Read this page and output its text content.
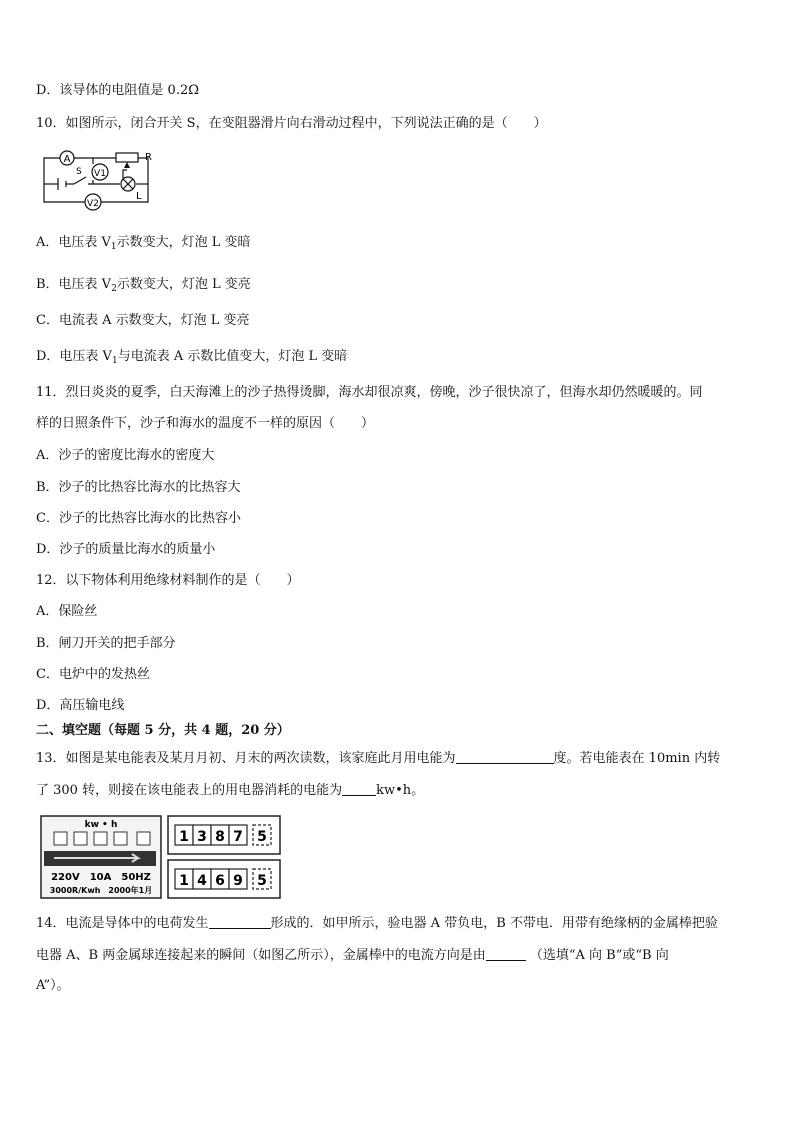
D．该导体的电阻值是 0.2Ω
10．如图所示，闭合开关 S，在变阻器滑片向右滑动过程中，下列说法正确的是（　　）
A
V1
V2
R
S
L
A．电压表 $V_1$示数变大，灯泡 L 变暗
B．电压表 $V_2$示数变大，灯泡 L 变亮
C．电流表 A 示数变大，灯泡 L 变亮
D．电压表 $V_1$与电流表 A 示数比值变大，灯泡 L 变暗
11．烈日炎炎的夏季，白天海滩上的沙子热得烫脚，海水却很凉爽，傍晚，沙子很快凉了，但海水却仍然暖暖的。同
样的日照条件下，沙子和海水的温度不一样的原因（　　）
A．沙子的密度比海水的密度大
B．沙子的比热容比海水的比热容大
C．沙子的比热容比海水的比热容小
D．沙子的质量比海水的质量小
12．以下物体利用绝缘材料制作的是（　　）
A．保险丝
B．闸刀开关的把手部分
C．电炉中的发热丝
D．高压输电线
二、填空题（每题 5 分，共 4 题，20 分）
13．如图是某电能表及某月月初、月末的两次读数，该家庭此月用电能为	度。若电能表在 10min 内转
了 300 转，则接在该电能表上的用电器消耗的电能为	kw•h。
kw • h
220V　10A　50HZ
3000R/Kwh　2000年1月
1 3 8 7 5
1 4 6 9 5
14．电流是导体中的电荷发生	形成的．如甲所示，验电器 A 带负电，B 不带电．用带有绝缘柄的金属棒把验
电器 A、B 两金属球连接起来的瞬间（如图乙所示），金属棒中的电流方向是由	（选填“A 向 B”或“B 向
A”）。
